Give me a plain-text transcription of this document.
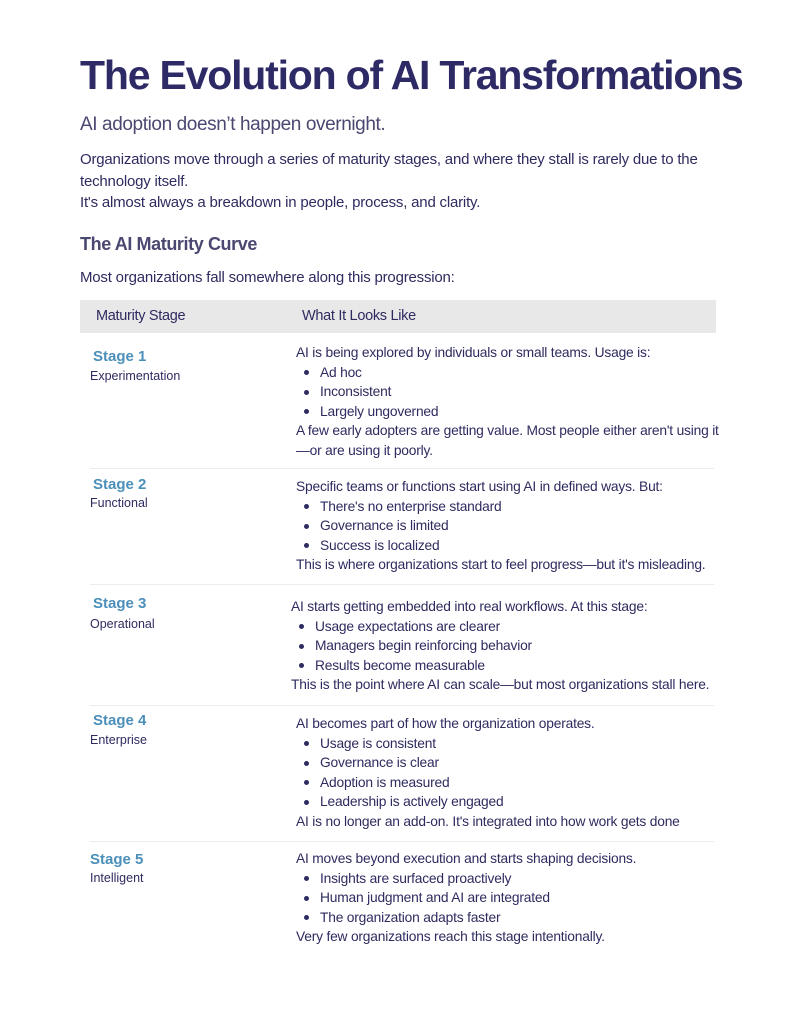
The Evolution of AI Transformations
AI adoption doesn’t happen overnight.

Organizations move through a series of maturity stages, and where they stall is rarely due to the technology itself.

It's almost always a breakdown in people, process, and clarity.

The AI Maturity Curve
Most organizations fall somewhere along this progression:
Maturity Stage	What It Looks Like
Stage 1
Experimentation
AI is being explored by individuals or small teams. Usage is:
Ad hoc
Inconsistent
Largely ungoverned
A few early adopters are getting value. Most people either aren't using it—or are using it poorly.
Stage 2
Functional
Specific teams or functions start using AI in defined ways. But:
There's no enterprise standard
Governance is limited
Success is localized
This is where organizations start to feel progress—but it's misleading.
Stage 3
Operational
AI starts getting embedded into real workflows. At this stage:
Usage expectations are clearer
Managers begin reinforcing behavior
Results become measurable
This is the point where AI can scale—but most organizations stall here.
Stage 4
Enterprise
AI becomes part of how the organization operates.
Usage is consistent
Governance is clear
Adoption is measured
Leadership is actively engaged
AI is no longer an add-on. It's integrated into how work gets done
Stage 5
Intelligent
AI moves beyond execution and starts shaping decisions.
Insights are surfaced proactively
Human judgment and AI are integrated
The organization adapts faster
Very few organizations reach this stage intentionally.
